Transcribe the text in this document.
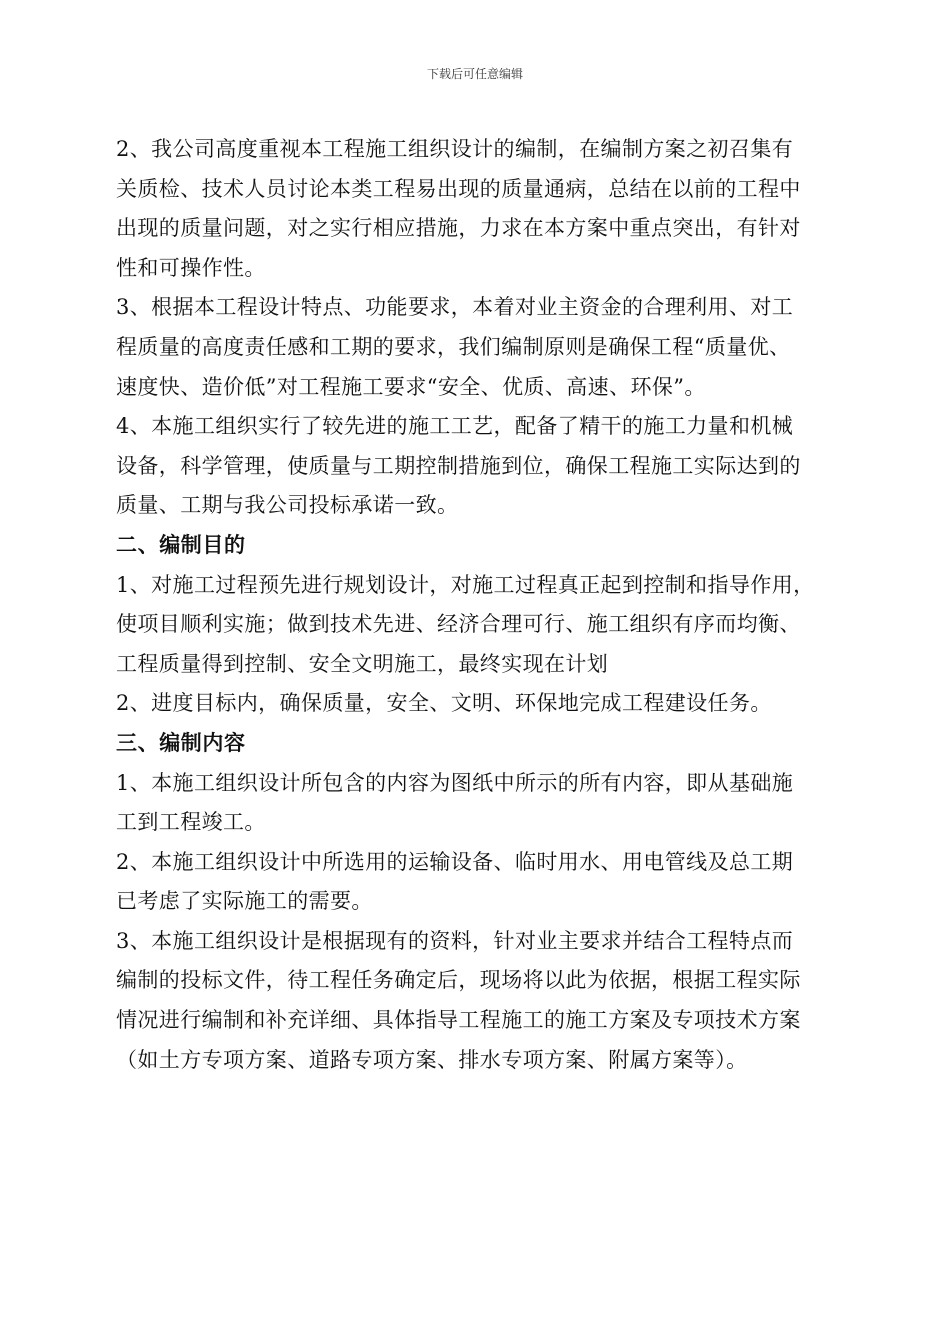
下载后可任意编辑
2、我公司高度重视本工程施工组织设计的编制，在编制方案之初召集有
关质检、技术人员讨论本类工程易出现的质量通病，总结在以前的工程中
出现的质量问题，对之实行相应措施，力求在本方案中重点突出，有针对
性和可操作性。
3、根据本工程设计特点、功能要求，本着对业主资金的合理利用、对工
程质量的高度责任感和工期的要求，我们编制原则是确保工程“质量优、
速度快、造价低”对工程施工要求“安全、优质、高速、环保”。
4、本施工组织实行了较先进的施工工艺，配备了精干的施工力量和机械
设备，科学管理，使质量与工期控制措施到位，确保工程施工实际达到的
质量、工期与我公司投标承诺一致。
二、编制目的
1、对施工过程预先进行规划设计，对施工过程真正起到控制和指导作用，
使项目顺利实施；做到技术先进、经济合理可行、施工组织有序而均衡、
工程质量得到控制、安全文明施工，最终实现在计划
2、进度目标内，确保质量，安全、文明、环保地完成工程建设任务。
三、编制内容
1、本施工组织设计所包含的内容为图纸中所示的所有内容，即从基础施
工到工程竣工。
2、本施工组织设计中所选用的运输设备、临时用水、用电管线及总工期
已考虑了实际施工的需要。
3、本施工组织设计是根据现有的资料，针对业主要求并结合工程特点而
编制的投标文件，待工程任务确定后，现场将以此为依据，根据工程实际
情况进行编制和补充详细、具体指导工程施工的施工方案及专项技术方案
（如土方专项方案、道路专项方案、排水专项方案、附属方案等）。
